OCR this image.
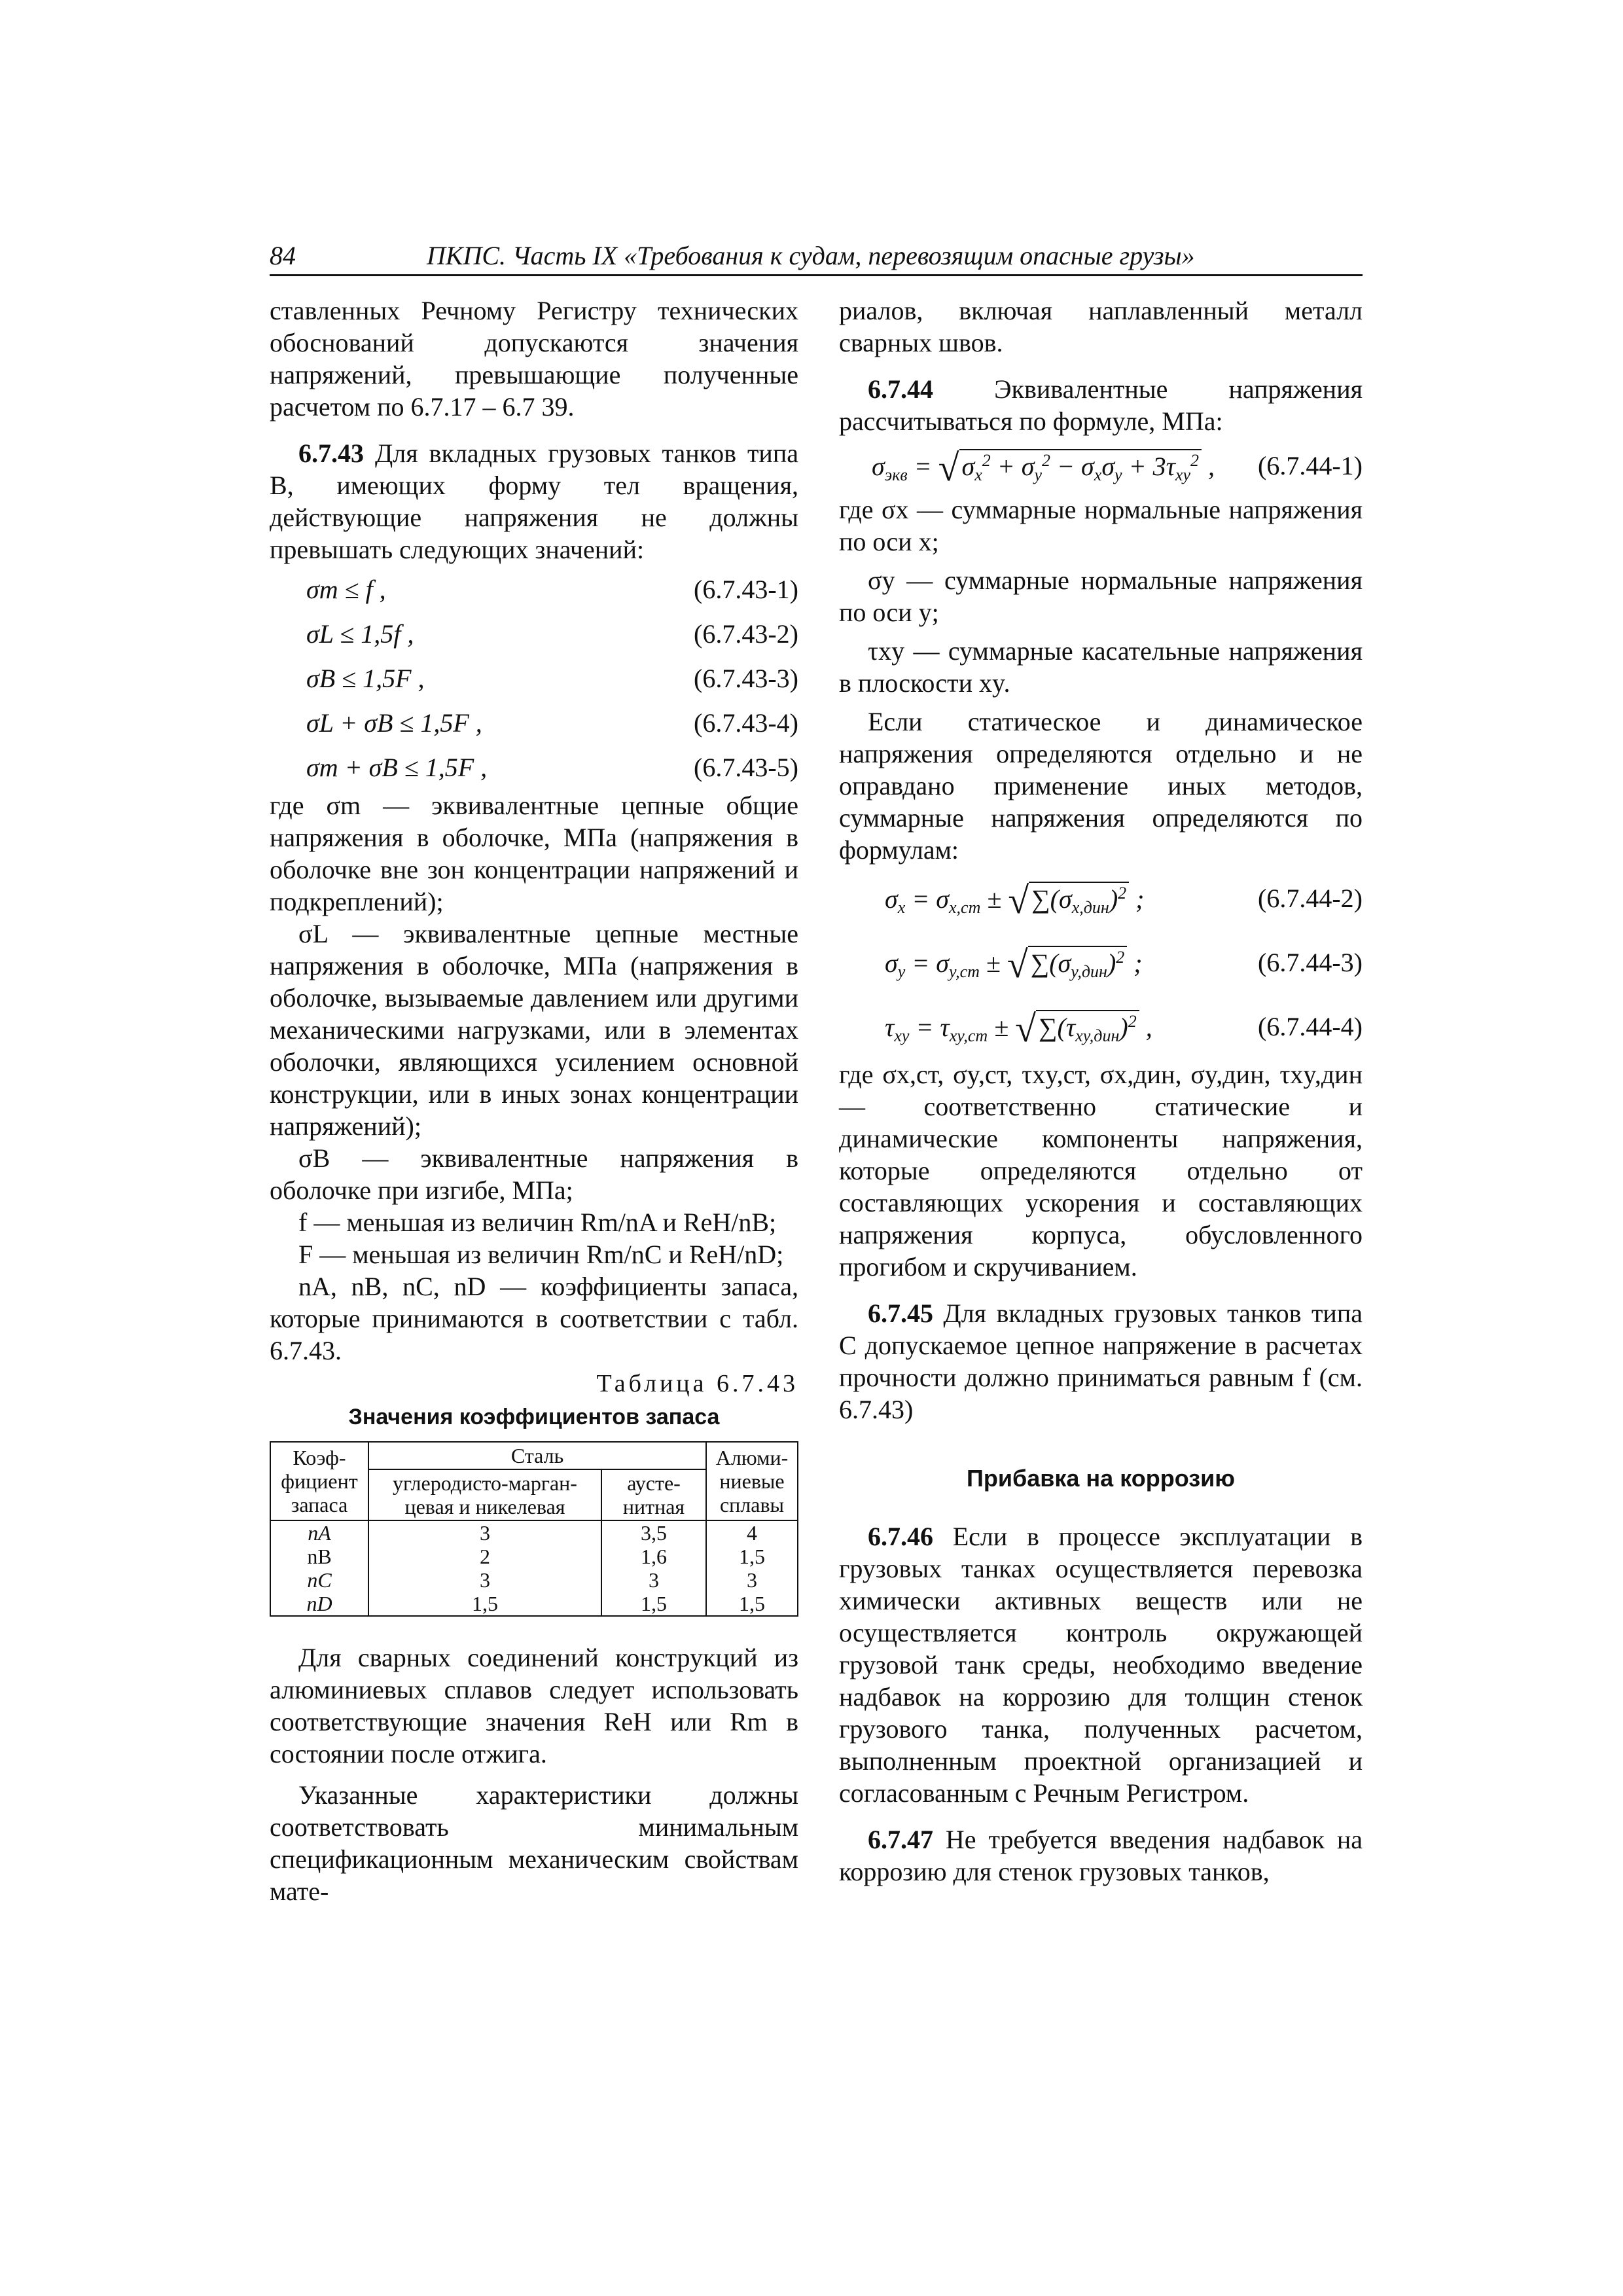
84	ПКПС. Часть IX «Требования к судам, перевозящим опасные грузы»

ставленных Речному Регистру технических обоснований допускаются значения напряжений, превышающие полученные расчетом по 6.7.17 – 6.7 39.

6.7.43 Для вкладных грузовых танков типа В, имеющих форму тел вращения, действующие напряжения не должны превышать следующих значений:

σm ≤ f ,	(6.7.43-1)
σL ≤ 1,5f ,	(6.7.43-2)
σB ≤ 1,5F ,	(6.7.43-3)
σL + σB ≤ 1,5F ,	(6.7.43-4)
σm + σB ≤ 1,5F ,	(6.7.43-5)

где σm — эквивалентные цепные общие напряжения в оболочке, МПа (напряжения в оболочке вне зон концентрации напряжений и подкреплений);

σL — эквивалентные цепные местные напряжения в оболочке, МПа (напряжения в оболочке, вызываемые давлением или другими механическими нагрузками, или в элементах оболочки, являющихся усилением основной конструкции, или в иных зонах концентрации напряжений);

σB — эквивалентные напряжения в оболочке при изгибе, МПа;

f — меньшая из величин Rm/nA и ReH/nB;

F — меньшая из величин Rm/nC и ReH/nD;

nA, nB, nC, nD — коэффициенты запаса, которые принимаются в соответствии с табл. 6.7.43.

Таблица 6.7.43
Значения коэффициентов запаса
Коэф-фициент запаса	Сталь		Алюми-ниевые сплавы
	углеродисто-марган-цевая и никелевая	аусте-нитная	
nA	3	3,5	4
nB	2	1,6	1,5
nC	3	3	3
nD	1,5	1,5	1,5

Для сварных соединений конструкций из алюминиевых сплавов следует использовать соответствующие значения ReH или Rm в состоянии после отжига.

Указанные характеристики должны соответствовать минимальным спецификационным механическим свойствам мате-

риалов, включая наплавленный металл сварных швов.

6.7.44 Эквивалентные напряжения рассчитываться по формуле, МПа:

$\sigma_{экв}$ = √ $\sigma_x^2 + \sigma_y^2 - \sigma_x\sigma_y + 3\tau_{xy}^2$ , (6.7.44-1)

где σx — суммарные нормальные напряжения по оси x;

σy — суммарные нормальные напряжения по оси y;

τxy — суммарные касательные напряжения в плоскости xy.

Если статическое и динамическое напряжения определяются отдельно и не оправдано применение иных методов, суммарные напряжения определяются по формулам:

$\sigma_x = \sigma_{x,ст}$ ± √ $\sum(\sigma_{x,дин})^2$ ;	(6.7.44-2)
$\sigma_y = \sigma_{y,ст}$ ± √ $\sum(\sigma_{y,дин})^2$ ;	(6.7.44-3)
$\tau_{xy} = \tau_{xy,ст}$ ± √ $\sum(\tau_{xy,дин})^2$ ,	(6.7.44-4)

где σx,ст, σy,ст, τxy,ст, σx,дин, σy,дин, τxy,дин — соответственно статические и динамические компоненты напряжения, которые определяются отдельно от составляющих ускорения и составляющих напряжения корпуса, обусловленного прогибом и скручиванием.

6.7.45 Для вкладных грузовых танков типа С допускаемое цепное напряжение в расчетах прочности должно приниматься равным f (см. 6.7.43)

Прибавка на коррозию

6.7.46 Если в процессе эксплуатации в грузовых танках осуществляется перевозка химически активных веществ или не осуществляется контроль окружающей грузовой танк среды, необходимо введение надбавок на коррозию для толщин стенок грузового танка, полученных расчетом, выполненным проектной организацией и согласованным с Речным Регистром.

6.7.47 Не требуется введения надбавок на коррозию для стенок грузовых танков,
